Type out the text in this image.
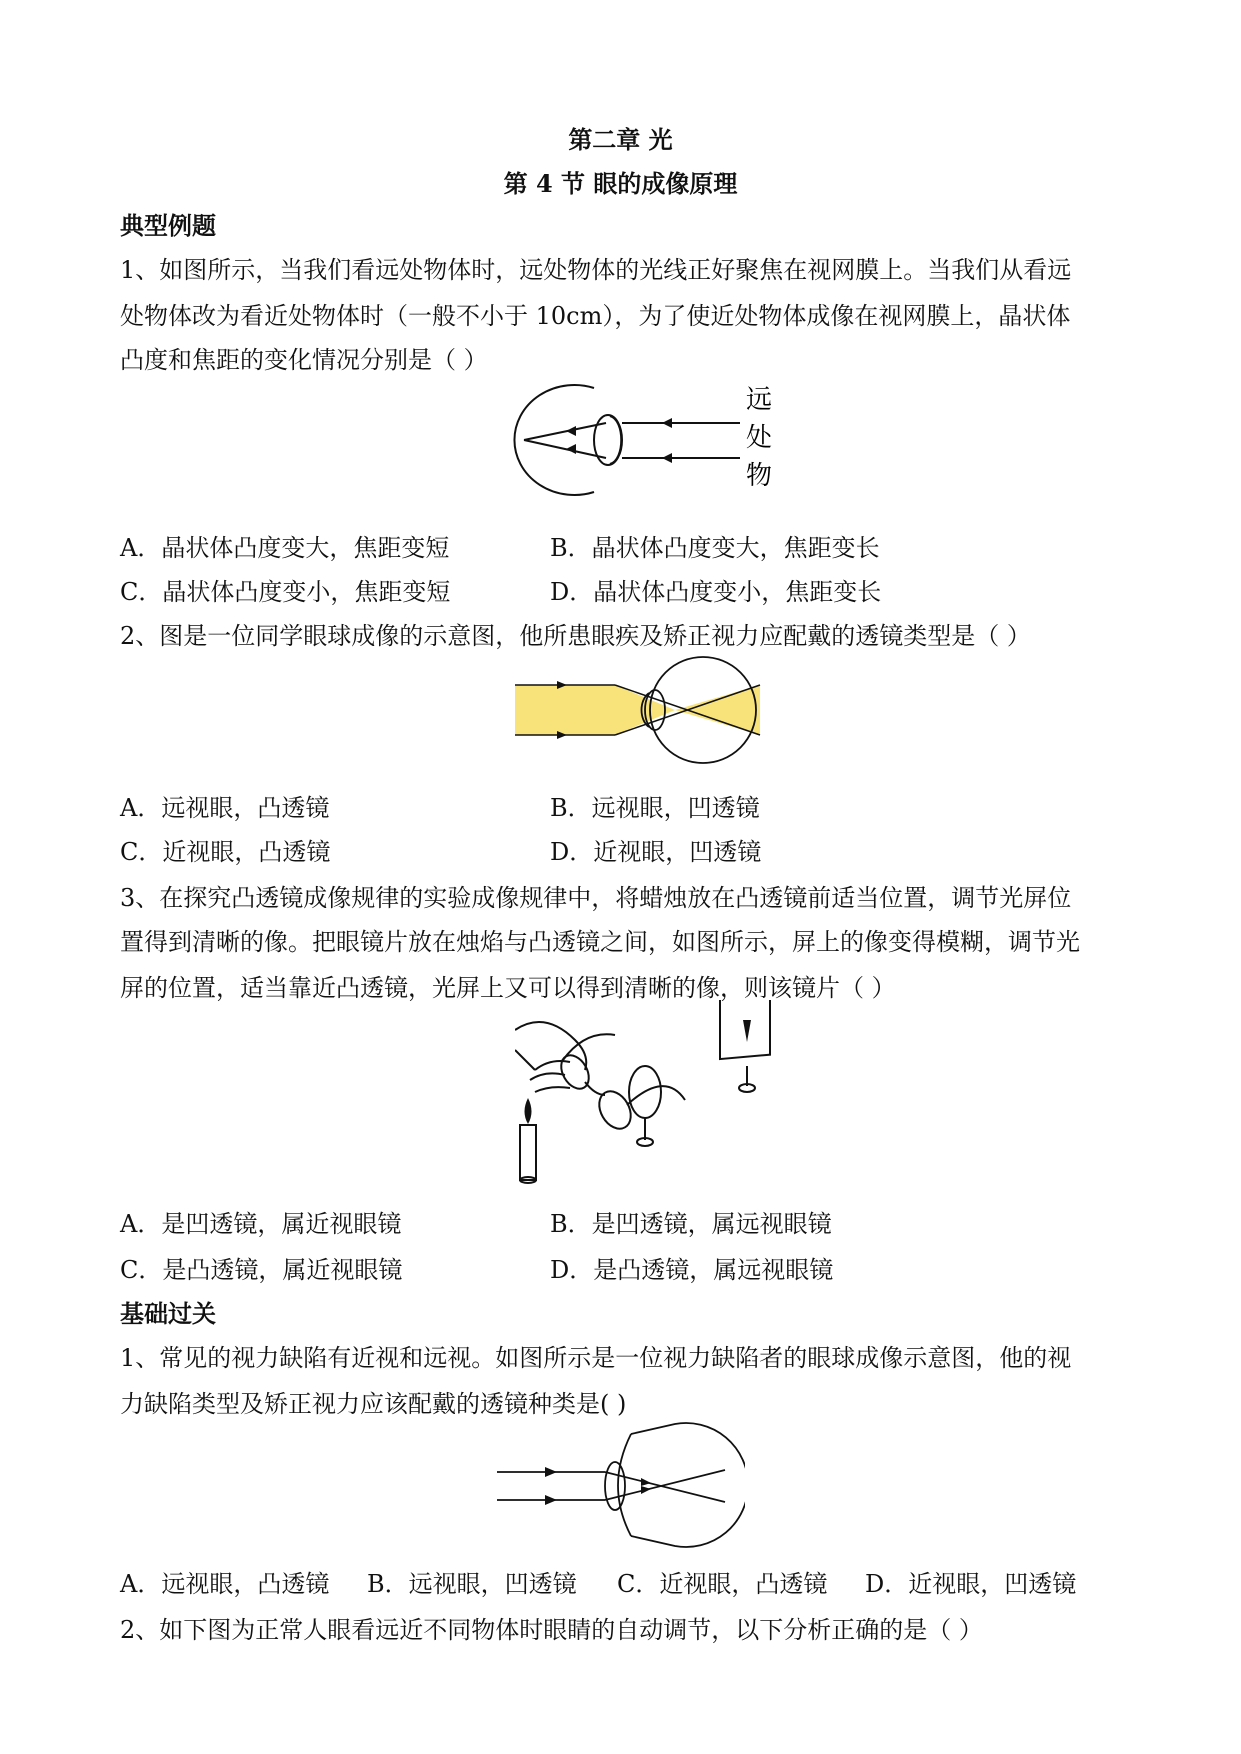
第二章 光
第 4 节 眼的成像原理
典型例题
1、如图所示，当我们看远处物体时，远处物体的光线正好聚焦在视网膜上。当我们从看远
处物体改为看近处物体时（一般不小于 10cm），为了使近处物体成像在视网膜上，晶状体
凸度和焦距的变化情况分别是（ ）
远
处
物
A．晶状体凸度变大，焦距变短	B．晶状体凸度变大，焦距变长
C．晶状体凸度变小，焦距变短	D．晶状体凸度变小，焦距变长
2、图是一位同学眼球成像的示意图，他所患眼疾及矫正视力应配戴的透镜类型是（ ）
A．远视眼，凸透镜	B．远视眼，凹透镜
C．近视眼，凸透镜	D．近视眼，凹透镜
3、在探究凸透镜成像规律的实验成像规律中，将蜡烛放在凸透镜前适当位置，调节光屏位
置得到清晰的像。把眼镜片放在烛焰与凸透镜之间，如图所示，屏上的像变得模糊，调节光
屏的位置，适当靠近凸透镜，光屏上又可以得到清晰的像，则该镜片（ ）
A．是凹透镜，属近视眼镜	B．是凹透镜，属远视眼镜
C．是凸透镜，属近视眼镜	D．是凸透镜，属远视眼镜
基础过关
1、常见的视力缺陷有近视和远视。如图所示是一位视力缺陷者的眼球成像示意图，他的视
力缺陷类型及矫正视力应该配戴的透镜种类是( )
A．远视眼，凸透镜 B．远视眼，凹透镜 C．近视眼，凸透镜 D．近视眼，凹透镜
2、如下图为正常人眼看远近不同物体时眼睛的自动调节，以下分析正确的是（ ）
